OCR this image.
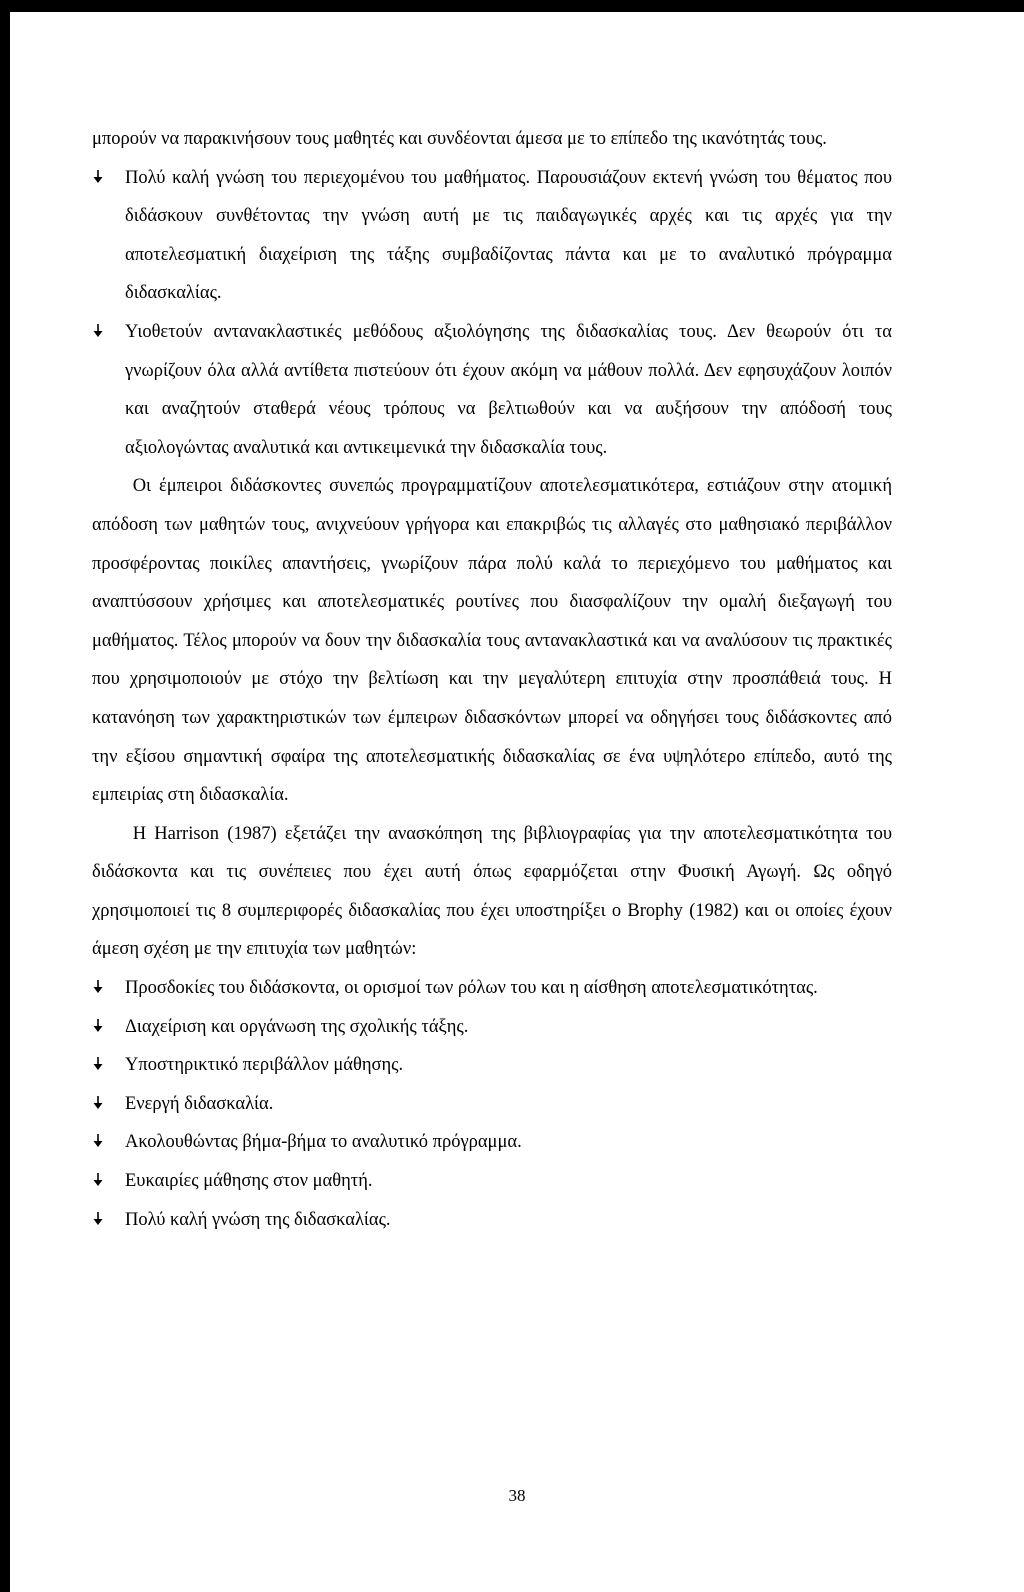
μπορούν να παρακινήσουν τους μαθητές και συνδέονται άμεσα με το επίπεδο της ικανότητάς τους.

Πολύ καλή γνώση του περιεχομένου του μαθήματος. Παρουσιάζουν εκτενή γνώση του θέματος που διδάσκουν συνθέτοντας την γνώση αυτή με τις παιδαγωγικές αρχές και τις αρχές για την αποτελεσματική διαχείριση της τάξης συμβαδίζοντας πάντα και με το αναλυτικό πρόγραμμα διδασκαλίας.

Υιοθετούν αντανακλαστικές μεθόδους αξιολόγησης της διδασκαλίας τους. Δεν θεωρούν ότι τα γνωρίζουν όλα αλλά αντίθετα πιστεύουν ότι έχουν ακόμη να μάθουν πολλά. Δεν εφησυχάζουν λοιπόν και αναζητούν σταθερά νέους τρόπους να βελτιωθούν και να αυξήσουν την απόδοσή τους αξιολογώντας αναλυτικά και αντικειμενικά την διδασκαλία τους.

Οι έμπειροι διδάσκοντες συνεπώς προγραμματίζουν αποτελεσματικότερα, εστιάζουν στην ατομική απόδοση των μαθητών τους, ανιχνεύουν γρήγορα και επακριβώς τις αλλαγές στο μαθησιακό περιβάλλον προσφέροντας ποικίλες απαντήσεις, γνωρίζουν πάρα πολύ καλά το περιεχόμενο του μαθήματος και αναπτύσσουν χρήσιμες και αποτελεσματικές ρουτίνες που διασφαλίζουν την ομαλή διεξαγωγή του μαθήματος. Τέλος μπορούν να δουν την διδασκαλία τους αντανακλαστικά και να αναλύσουν τις πρακτικές που χρησιμοποιούν με στόχο την βελτίωση και την μεγαλύτερη επιτυχία στην προσπάθειά τους. Η κατανόηση των χαρακτηριστικών των έμπειρων διδασκόντων μπορεί να οδηγήσει τους διδάσκοντες από την εξίσου σημαντική σφαίρα της αποτελεσματικής διδασκαλίας σε ένα υψηλότερο επίπεδο, αυτό της εμπειρίας στη διδασκαλία.

Η Harrison (1987) εξετάζει την ανασκόπηση της βιβλιογραφίας για την αποτελεσματικότητα του διδάσκοντα και τις συνέπειες που έχει αυτή όπως εφαρμόζεται στην Φυσική Αγωγή. Ως οδηγό χρησιμοποιεί τις 8 συμπεριφορές διδασκαλίας που έχει υποστηρίξει ο Brophy (1982) και οι οποίες έχουν άμεση σχέση με την επιτυχία των μαθητών:

Προσδοκίες του διδάσκοντα, οι ορισμοί των ρόλων του και η αίσθηση αποτελεσματικότητας.

Διαχείριση και οργάνωση της σχολικής τάξης.

Υποστηρικτικό περιβάλλον μάθησης.

Ενεργή διδασκαλία.

Ακολουθώντας βήμα-βήμα το αναλυτικό πρόγραμμα.

Ευκαιρίες μάθησης στον μαθητή.

Πολύ καλή γνώση της διδασκαλίας.

38
